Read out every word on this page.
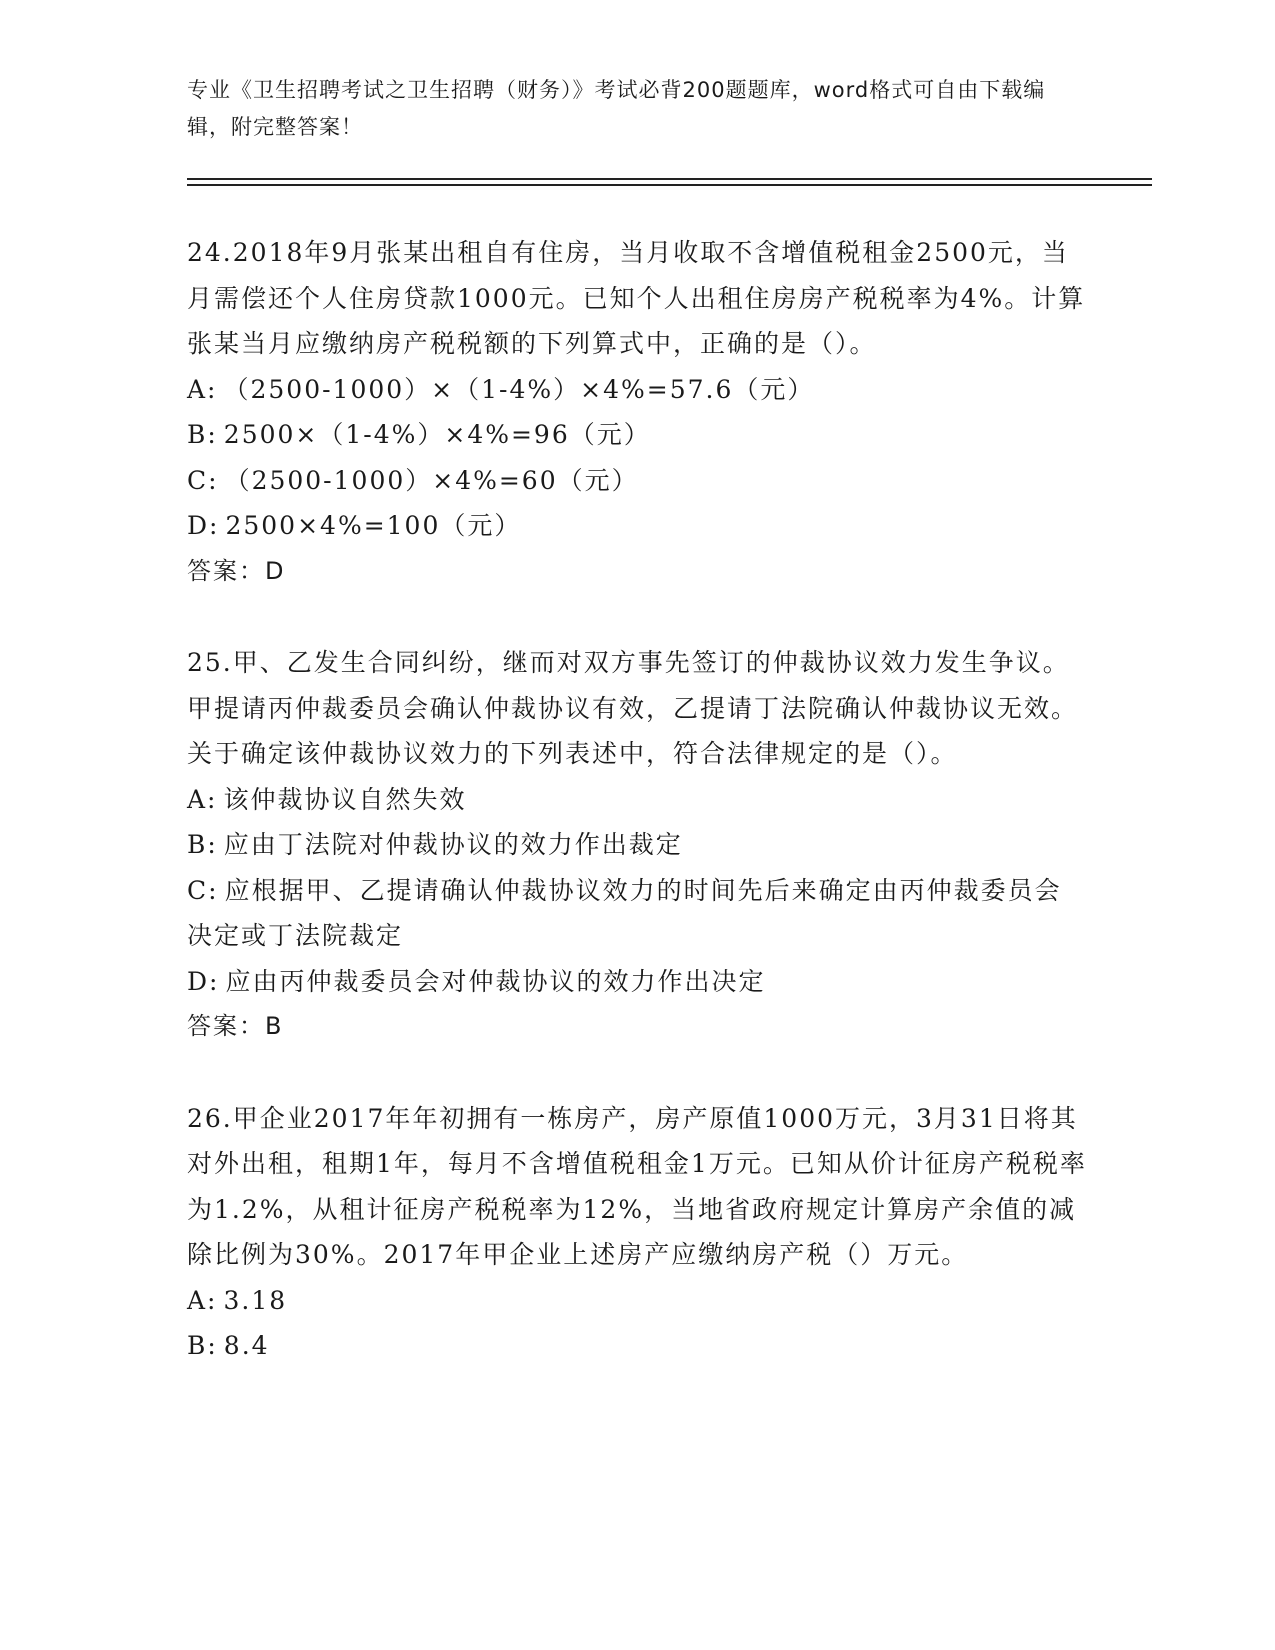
专业《卫生招聘考试之卫生招聘（财务）》考试必背200题题库，word格式可自由下载编辑，附完整答案！

24.2018年9月张某出租自有住房，当月收取不含增值税租金2500元，当月需偿还个人住房贷款1000元。已知个人出租住房房产税税率为4%。计算张某当月应缴纳房产税税额的下列算式中，正确的是（）。

A: （2500-1000）×（1-4%）×4%=57.6（元）
B: 2500×（1-4%）×4%=96（元）
C: （2500-1000）×4%=60（元）
D: 2500×4%=100（元）

答案：D

25.甲、乙发生合同纠纷，继而对双方事先签订的仲裁协议效力发生争议。甲提请丙仲裁委员会确认仲裁协议有效，乙提请丁法院确认仲裁协议无效。关于确定该仲裁协议效力的下列表述中，符合法律规定的是（）。

A: 该仲裁协议自然失效
B: 应由丁法院对仲裁协议的效力作出裁定
C: 应根据甲、乙提请确认仲裁协议效力的时间先后来确定由丙仲裁委员会决定或丁法院裁定
D: 应由丙仲裁委员会对仲裁协议的效力作出决定

答案：B

26.甲企业2017年年初拥有一栋房产，房产原值1000万元，3月31日将其对外出租，租期1年，每月不含增值税租金1万元。已知从价计征房产税税率为1.2%，从租计征房产税税率为12%，当地省政府规定计算房产余值的减除比例为30%。2017年甲企业上述房产应缴纳房产税（）万元。

A: 3.18
B: 8.4
